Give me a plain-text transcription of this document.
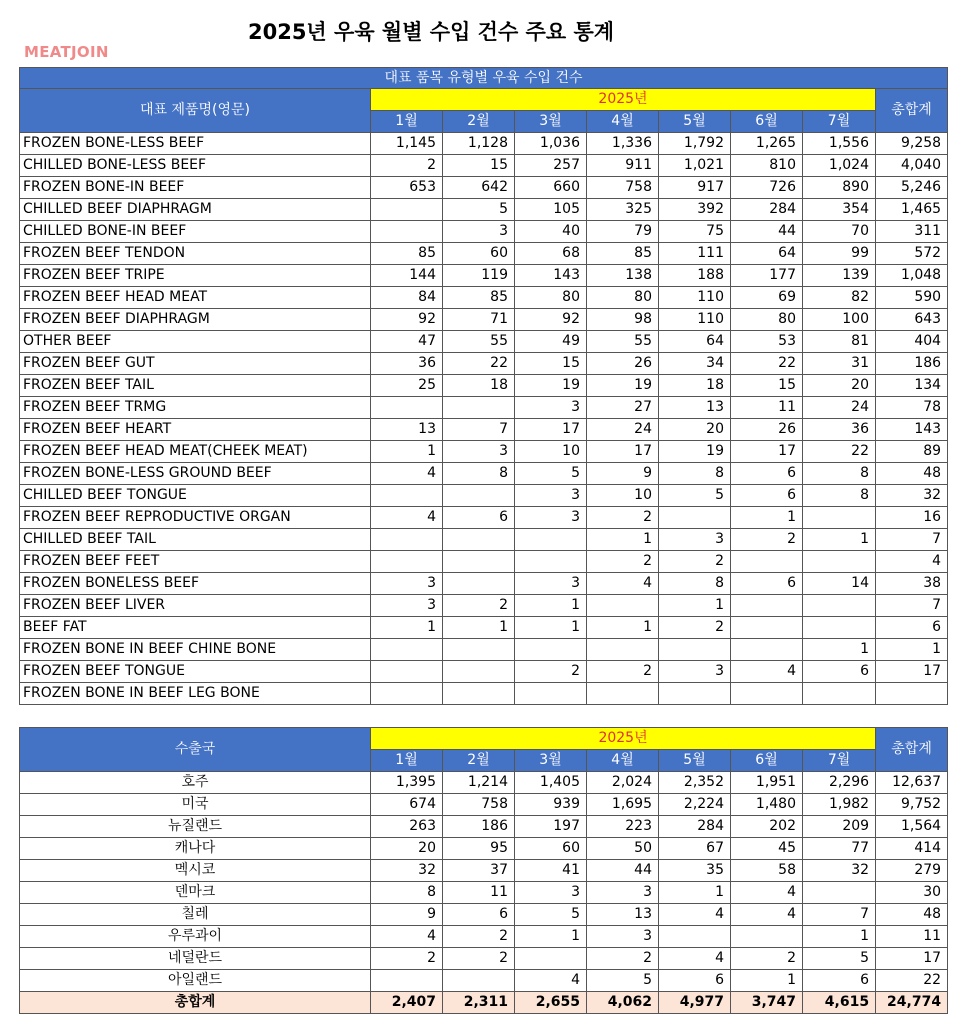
2025년 우육 월별 수입 건수 주요 통계
MEATJOIN
대표 품목 유형별 우육 수입 건수								
대표 제품명(영문)	2025년							총합계
	1월	2월	3월	4월	5월	6월	7월	
FROZEN BONE-LESS BEEF	1,145	1,128	1,036	1,336	1,792	1,265	1,556	9,258
CHILLED BONE-LESS BEEF	2	15	257	911	1,021	810	1,024	4,040
FROZEN BONE-IN BEEF	653	642	660	758	917	726	890	5,246
CHILLED BEEF DIAPHRAGM		5	105	325	392	284	354	1,465
CHILLED BONE-IN BEEF		3	40	79	75	44	70	311
FROZEN BEEF TENDON	85	60	68	85	111	64	99	572
FROZEN BEEF TRIPE	144	119	143	138	188	177	139	1,048
FROZEN BEEF HEAD MEAT	84	85	80	80	110	69	82	590
FROZEN BEEF DIAPHRAGM	92	71	92	98	110	80	100	643
OTHER BEEF	47	55	49	55	64	53	81	404
FROZEN BEEF GUT	36	22	15	26	34	22	31	186
FROZEN BEEF TAIL	25	18	19	19	18	15	20	134
FROZEN BEEF TRMG			3	27	13	11	24	78
FROZEN BEEF HEART	13	7	17	24	20	26	36	143
FROZEN BEEF HEAD MEAT(CHEEK MEAT)	1	3	10	17	19	17	22	89
FROZEN BONE-LESS GROUND BEEF	4	8	5	9	8	6	8	48
CHILLED BEEF TONGUE			3	10	5	6	8	32
FROZEN BEEF REPRODUCTIVE ORGAN	4	6	3	2		1		16
CHILLED BEEF TAIL				1	3	2	1	7
FROZEN BEEF FEET				2	2			4
FROZEN BONELESS BEEF	3		3	4	8	6	14	38
FROZEN BEEF LIVER	3	2	1		1			7
BEEF FAT	1	1	1	1	2			6
FROZEN BONE IN BEEF CHINE BONE							1	1
FROZEN BEEF TONGUE			2	2	3	4	6	17
FROZEN BONE IN BEEF LEG BONE								
수출국	2025년							총합계
	1월	2월	3월	4월	5월	6월	7월	
호주	1,395	1,214	1,405	2,024	2,352	1,951	2,296	12,637
미국	674	758	939	1,695	2,224	1,480	1,982	9,752
뉴질랜드	263	186	197	223	284	202	209	1,564
캐나다	20	95	60	50	67	45	77	414
멕시코	32	37	41	44	35	58	32	279
덴마크	8	11	3	3	1	4		30
칠레	9	6	5	13	4	4	7	48
우루과이	4	2	1	3			1	11
네덜란드	2	2		2	4	2	5	17
아일랜드			4	5	6	1	6	22
총합계	2,407	2,311	2,655	4,062	4,977	3,747	4,615	24,774
